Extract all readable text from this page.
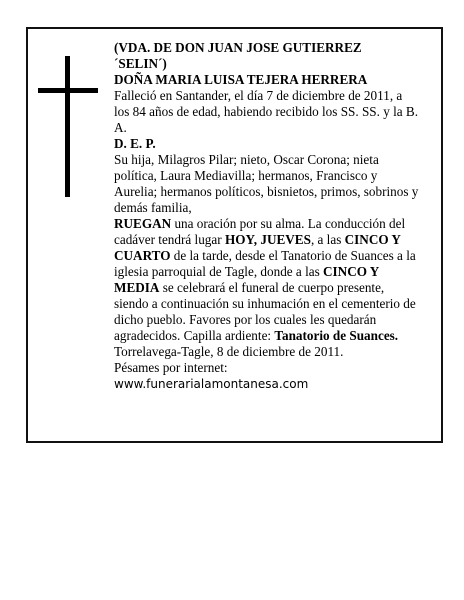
(VDA. DE DON JUAN JOSE GUTIERREZ

´SELIN´)

DOÑA MARIA LUISA TEJERA HERRERA

Falleció en Santander, el día 7 de diciembre de 2011, a los 84 años de edad, habiendo recibido los SS. SS. y la B. A.

D. E. P.

Su hija, Milagros Pilar; nieto, Oscar Corona; nieta política, Laura Mediavilla; hermanos, Francisco y Aurelia; hermanos políticos, bisnietos, primos, sobrinos y demás familia,

RUEGAN una oración por su alma. La conducción del cadáver tendrá lugar HOY, JUEVES, a las CINCO Y CUARTO de la tarde, desde el Tanatorio de Suances a la iglesia parroquial de Tagle, donde a las CINCO Y MEDIA se celebrará el funeral de cuerpo presente, siendo a continuación su inhumación en el cementerio de dicho pueblo. Favores por los cuales les quedarán agradecidos. Capilla ardiente: Tanatorio de Suances.

Torrelavega-Tagle, 8 de diciembre de 2011.

Pésames por internet: www.funerarialamontanesa.com
